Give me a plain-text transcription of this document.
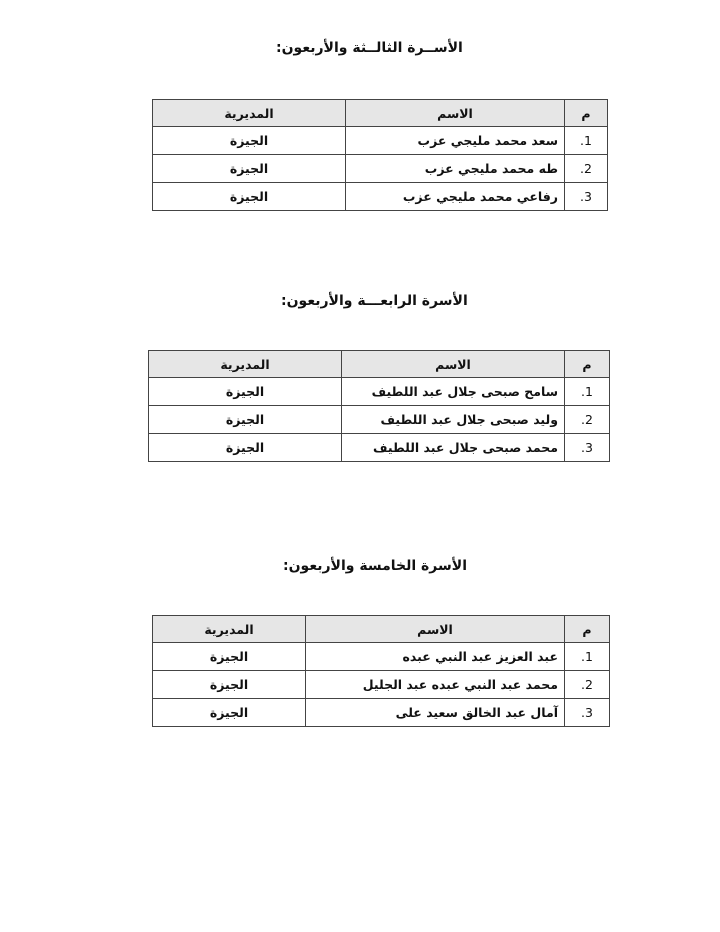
الأســرة الثالــثة والأربعون:
م	الاسم	المديرية
1.	سعد محمد مليجي عزب	الجيزة
2.	طه محمد مليجي عزب	الجيزة
3.	رفاعي محمد مليجي عزب	الجيزة
الأسرة الرابعـــة والأربعون:
م	الاسم	المديرية
1.	سامح صبحى جلال عبد اللطيف	الجيزة
2.	وليد صبحى جلال عبد اللطيف	الجيزة
3.	محمد صبحى جلال عبد اللطيف	الجيزة
الأسرة الخامسة والأربعون:
م	الاسم	المديرية
1.	عبد العزيز عبد النبي عبده	الجيزة
2.	محمد عبد النبي عبده عبد الجليل	الجيزة
3.	آمال عبد الخالق سعيد على	الجيزة
